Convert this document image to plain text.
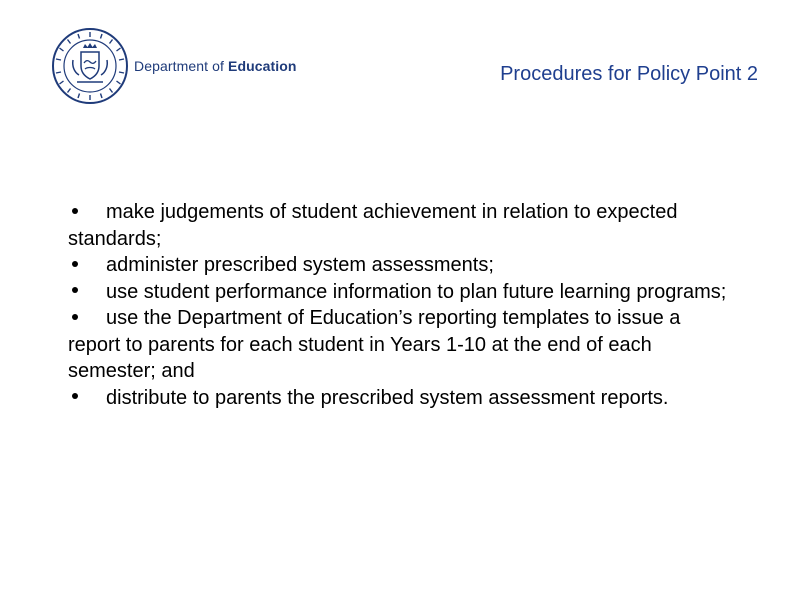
Department of Education	Procedures for Policy Point 2
make judgements of student achievement in relation to expected standards;
administer prescribed system assessments;
use student performance information to plan future learning programs;
use the Department of Education’s reporting templates to issue a report to parents for each student in Years 1-10 at the end of each semester; and
distribute to parents the prescribed system assessment reports.
